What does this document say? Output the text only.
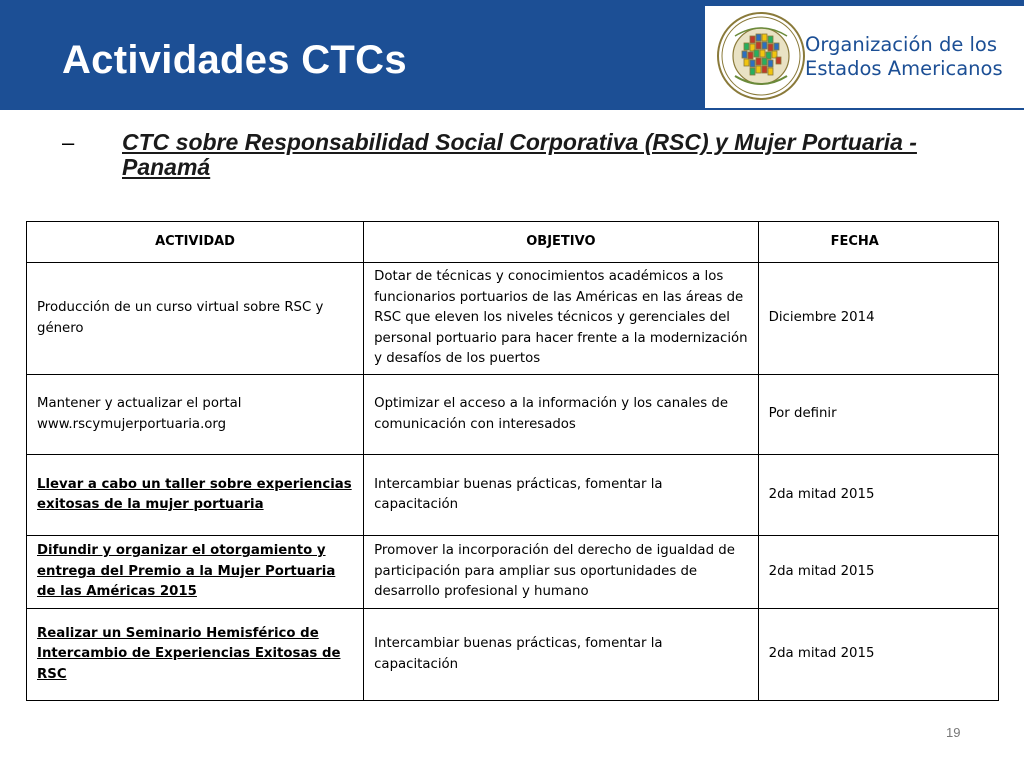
Actividades CTCs	Organización de los
Estados Americanos
– CTC sobre Responsabilidad Social Corporativa (RSC) y Mujer Portuaria - Panamá

ACTIVIDAD	OBJETIVO	FECHA
Producción de un curso virtual sobre RSC y género	Dotar de técnicas y conocimientos académicos a los funcionarios portuarios de las Américas en las áreas de RSC que eleven los niveles técnicos y gerenciales del personal portuario para hacer frente a la modernización y desafíos de los puertos	Diciembre 2014
Mantener y actualizar el portal www.rscymujerportuaria.org	Optimizar el acceso a la información y los canales de comunicación con interesados	Por definir
Llevar a cabo un taller sobre experiencias exitosas de la mujer portuaria	Intercambiar buenas prácticas, fomentar la capacitación	2da mitad 2015
Difundir y organizar el otorgamiento y entrega del Premio a la Mujer Portuaria de las Américas 2015	Promover la incorporación del derecho de igualdad de participación para ampliar sus oportunidades de desarrollo profesional y humano	2da mitad 2015
Realizar un Seminario Hemisférico de Intercambio de Experiencias Exitosas de RSC	Intercambiar buenas prácticas, fomentar la capacitación	2da mitad 2015
19
